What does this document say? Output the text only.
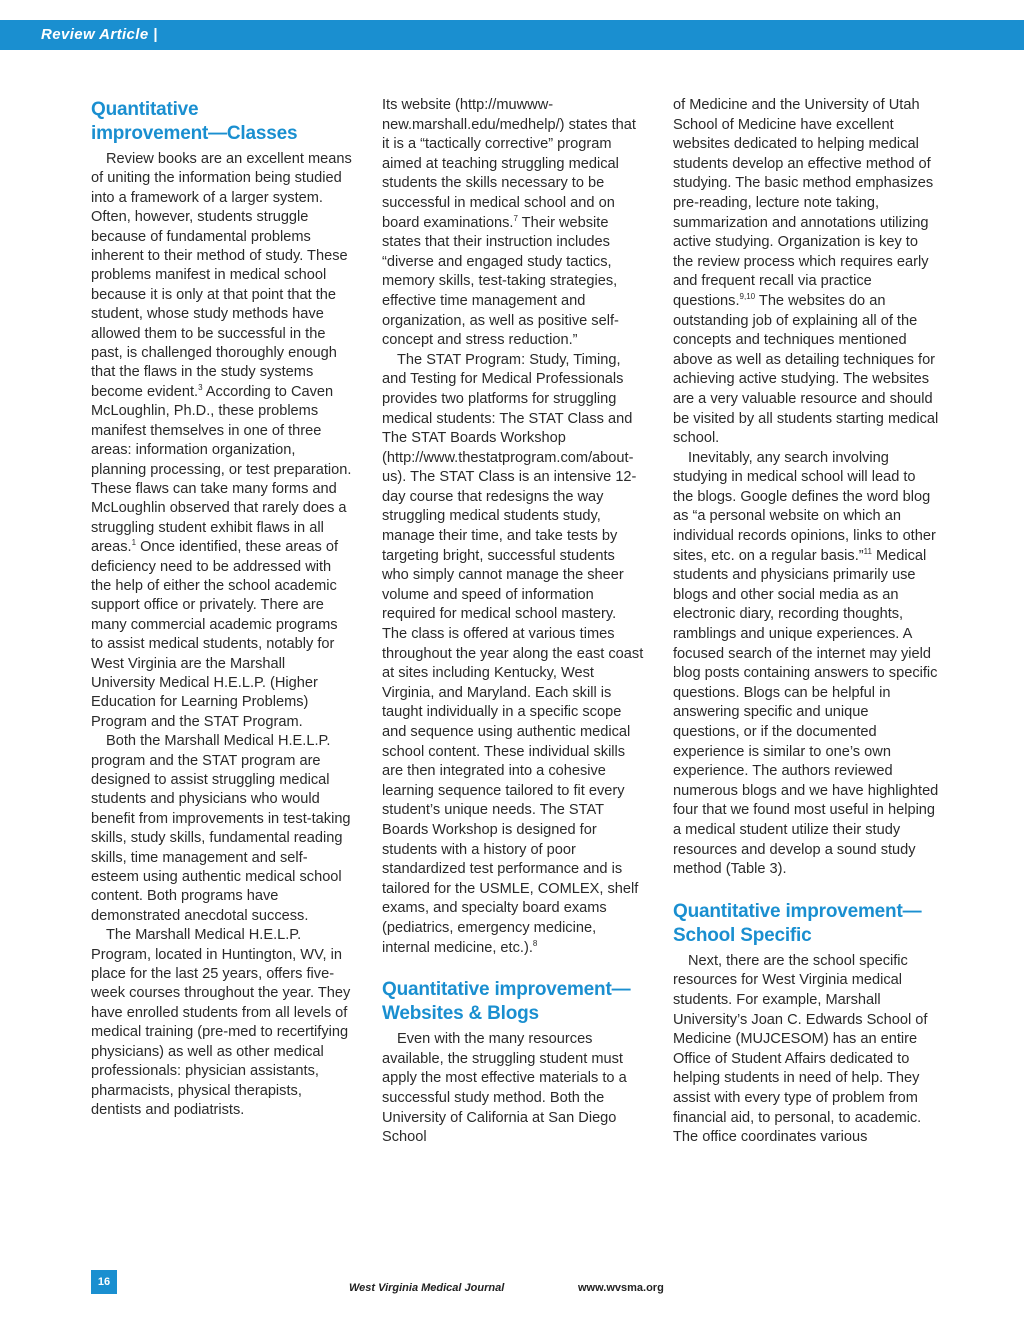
Review Article |
Quantitative
improvement—Classes

Review books are an excellent means of uniting the information being studied into a framework of a larger system. Often, however, students struggle because of fundamental problems inherent to their method of study. These problems manifest in medical school because it is only at that point that the student, whose study methods have allowed them to be successful in the past, is challenged thoroughly enough that the flaws in the study systems become evident.$^3$ According to Caven McLoughlin, Ph.D., these problems manifest themselves in one of three areas: information organization, planning processing, or test preparation. These flaws can take many forms and McLoughlin observed that rarely does a struggling student exhibit flaws in all areas.$^1$ Once identified, these areas of deficiency need to be addressed with the help of either the school academic support office or privately. There are many commercial academic programs to assist medical students, notably for West Virginia are the Marshall University Medical H.E.L.P. (Higher Education for Learning Problems) Program and the STAT Program.

Both the Marshall Medical H.E.L.P. program and the STAT program are designed to assist struggling medical students and physicians who would benefit from improvements in test-taking skills, study skills, fundamental reading skills, time management and self-esteem using authentic medical school content. Both programs have demonstrated anecdotal success.

The Marshall Medical H.E.L.P. Program, located in Huntington, WV, in place for the last 25 years, offers five-week courses throughout the year. They have enrolled students from all levels of medical training (pre-med to recertifying physicians) as well as other medical professionals: physician assistants, pharmacists, physical therapists, dentists and podiatrists.

Its website (http://muwww-new.marshall.edu/medhelp/) states that it is a “tactically corrective” program aimed at teaching struggling medical students the skills necessary to be successful in medical school and on board examinations.$^7$ Their website states that their instruction includes “diverse and engaged study tactics, memory skills, test-taking strategies, effective time management and organization, as well as positive self-concept and stress reduction.”

The STAT Program: Study, Timing, and Testing for Medical Professionals provides two platforms for struggling medical students: The STAT Class and The STAT Boards Workshop (http://www.thestatprogram.com/about-us). The STAT Class is an intensive 12-day course that redesigns the way struggling medical students study, manage their time, and take tests by targeting bright, successful students who simply cannot manage the sheer volume and speed of information required for medical school mastery. The class is offered at various times throughout the year along the east coast at sites including Kentucky, West Virginia, and Maryland. Each skill is taught individually in a specific scope and sequence using authentic medical school content. These individual skills are then integrated into a cohesive learning sequence tailored to fit every student’s unique needs. The STAT Boards Workshop is designed for students with a history of poor standardized test performance and is tailored for the USMLE, COMLEX, shelf exams, and specialty board exams (pediatrics, emergency medicine, internal medicine, etc.).$^8$

Quantitative improvement—
Websites & Blogs

Even with the many resources available, the struggling student must apply the most effective materials to a successful study method. Both the University of California at San Diego School

of Medicine and the University of Utah School of Medicine have excellent websites dedicated to helping medical students develop an effective method of studying. The basic method emphasizes pre-reading, lecture note taking, summarization and annotations utilizing active studying. Organization is key to the review process which requires early and frequent recall via practice questions.$^{9,10}$ The websites do an outstanding job of explaining all of the concepts and techniques mentioned above as well as detailing techniques for achieving active studying. The websites are a very valuable resource and should be visited by all students starting medical school.

Inevitably, any search involving studying in medical school will lead to the blogs. Google defines the word blog as “a personal website on which an individual records opinions, links to other sites, etc. on a regular basis.”$^{11}$ Medical students and physicians primarily use blogs and other social media as an electronic diary, recording thoughts, ramblings and unique experiences. A focused search of the internet may yield blog posts containing answers to specific questions. Blogs can be helpful in answering specific and unique questions, or if the documented experience is similar to one’s own experience. The authors reviewed numerous blogs and we have highlighted four that we found most useful in helping a medical student utilize their study resources and develop a sound study method (Table 3).

Quantitative improvement—
School Specific

Next, there are the school specific resources for West Virginia medical students. For example, Marshall University’s Joan C. Edwards School of Medicine (MUJCESOM) has an entire Office of Student Affairs dedicated to helping students in need of help. They assist with every type of problem from financial aid, to personal, to academic. The office coordinates various

16	West Virginia Medical Journal	www.wvsma.org
